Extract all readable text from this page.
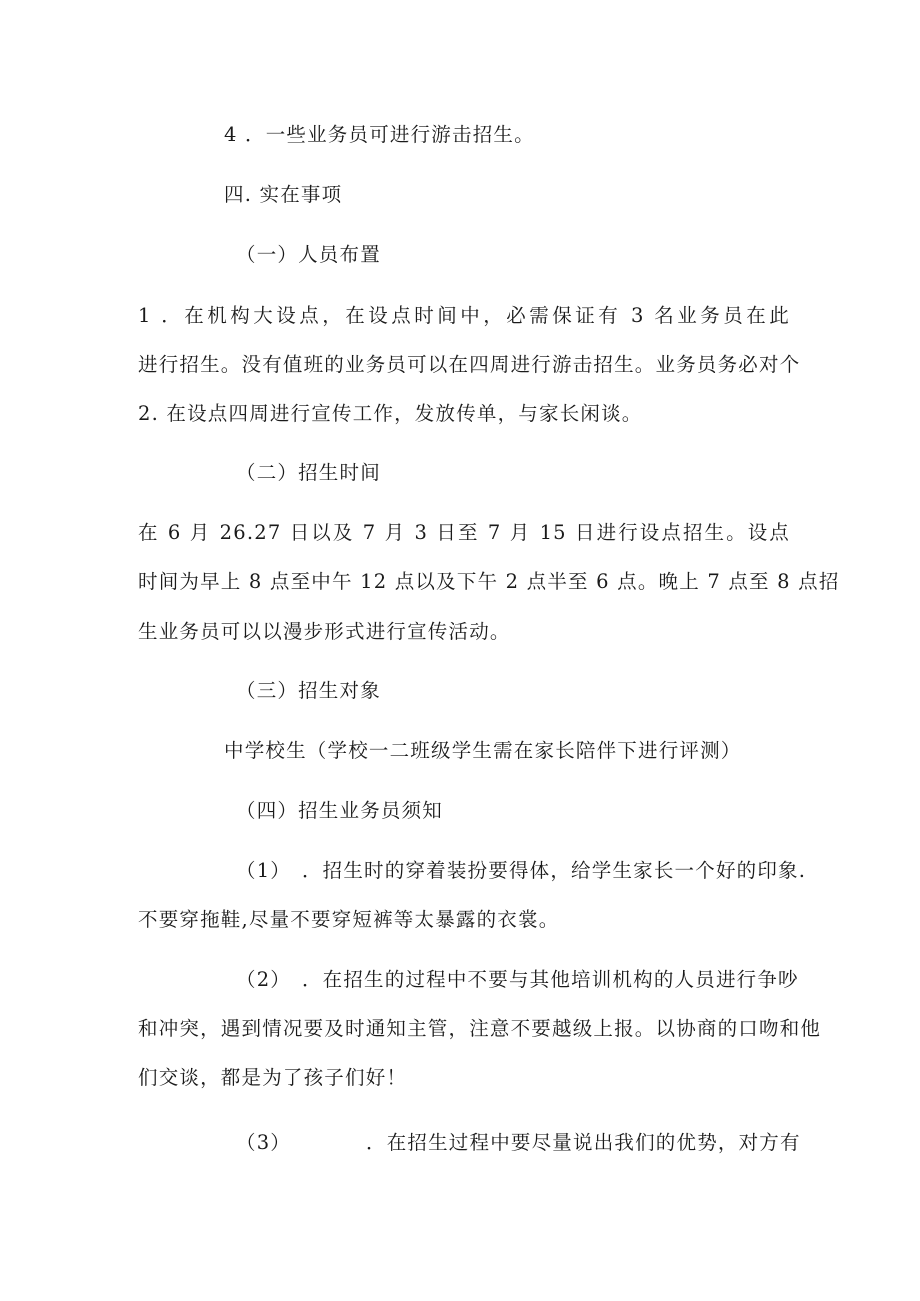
4 ．一些业务员可进行游击招生。
四. 实在事项
（一）人员布置
1 ．在机构大设点，在设点时间中，必需保证有 3 名业务员在此
进行招生。没有值班的业务员可以在四周进行游击招生。业务员务必对个
2. 在设点四周进行宣传工作，发放传单，与家长闲谈。
（二）招生时间
在 6 月 26.27 日以及 7 月 3 日至 7 月 15 日进行设点招生。设点
时间为早上 8 点至中午 12 点以及下午 2 点半至 6 点。晚上 7 点至 8 点招
生业务员可以以漫步形式进行宣传活动。
（三）招生对象
中学校生（学校一二班级学生需在家长陪伴下进行评测）
（四）招生业务员须知
（1）　．招生时的穿着装扮要得体，给学生家长一个好的印象.
不要穿拖鞋,尽量不要穿短裤等太暴露的衣裳。
（2）　．在招生的过程中不要与其他培训机构的人员进行争吵
和冲突，遇到情况要及时通知主管，注意不要越级上报。以协商的口吻和他
们交谈，都是为了孩子们好！
（3）	．在招生过程中要尽量说出我们的优势，对方有
